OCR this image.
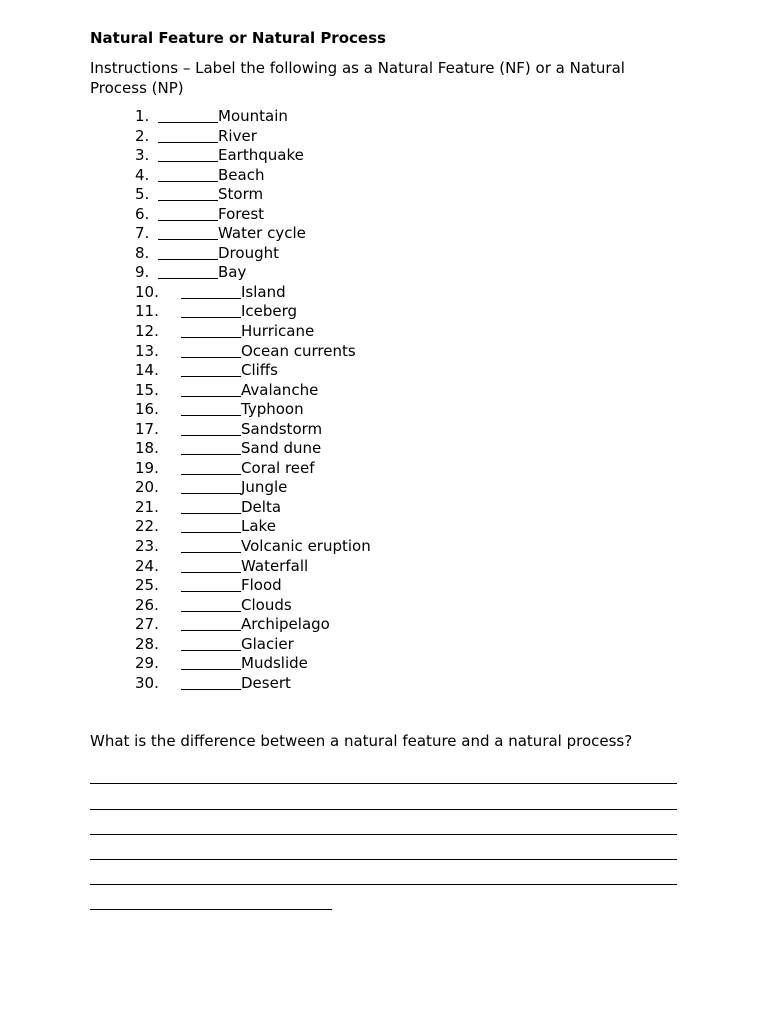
Natural Feature or Natural Process
Instructions – Label the following as a Natural Feature (NF) or a Natural Process (NP)
1.	Mountain
2.	River
3.	Earthquake
4.	Beach
5.	Storm
6.	Forest
7.	Water cycle
8.	Drought
9.	Bay
10.	Island
11.	Iceberg
12.	Hurricane
13.	Ocean currents
14.	Cliffs
15.	Avalanche
16.	Typhoon
17.	Sandstorm
18.	Sand dune
19.	Coral reef
20.	Jungle
21.	Delta
22.	Lake
23.	Volcanic eruption
24.	Waterfall
25.	Flood
26.	Clouds
27.	Archipelago
28.	Glacier
29.	Mudslide
30.	Desert
What is the difference between a natural feature and a natural process?
